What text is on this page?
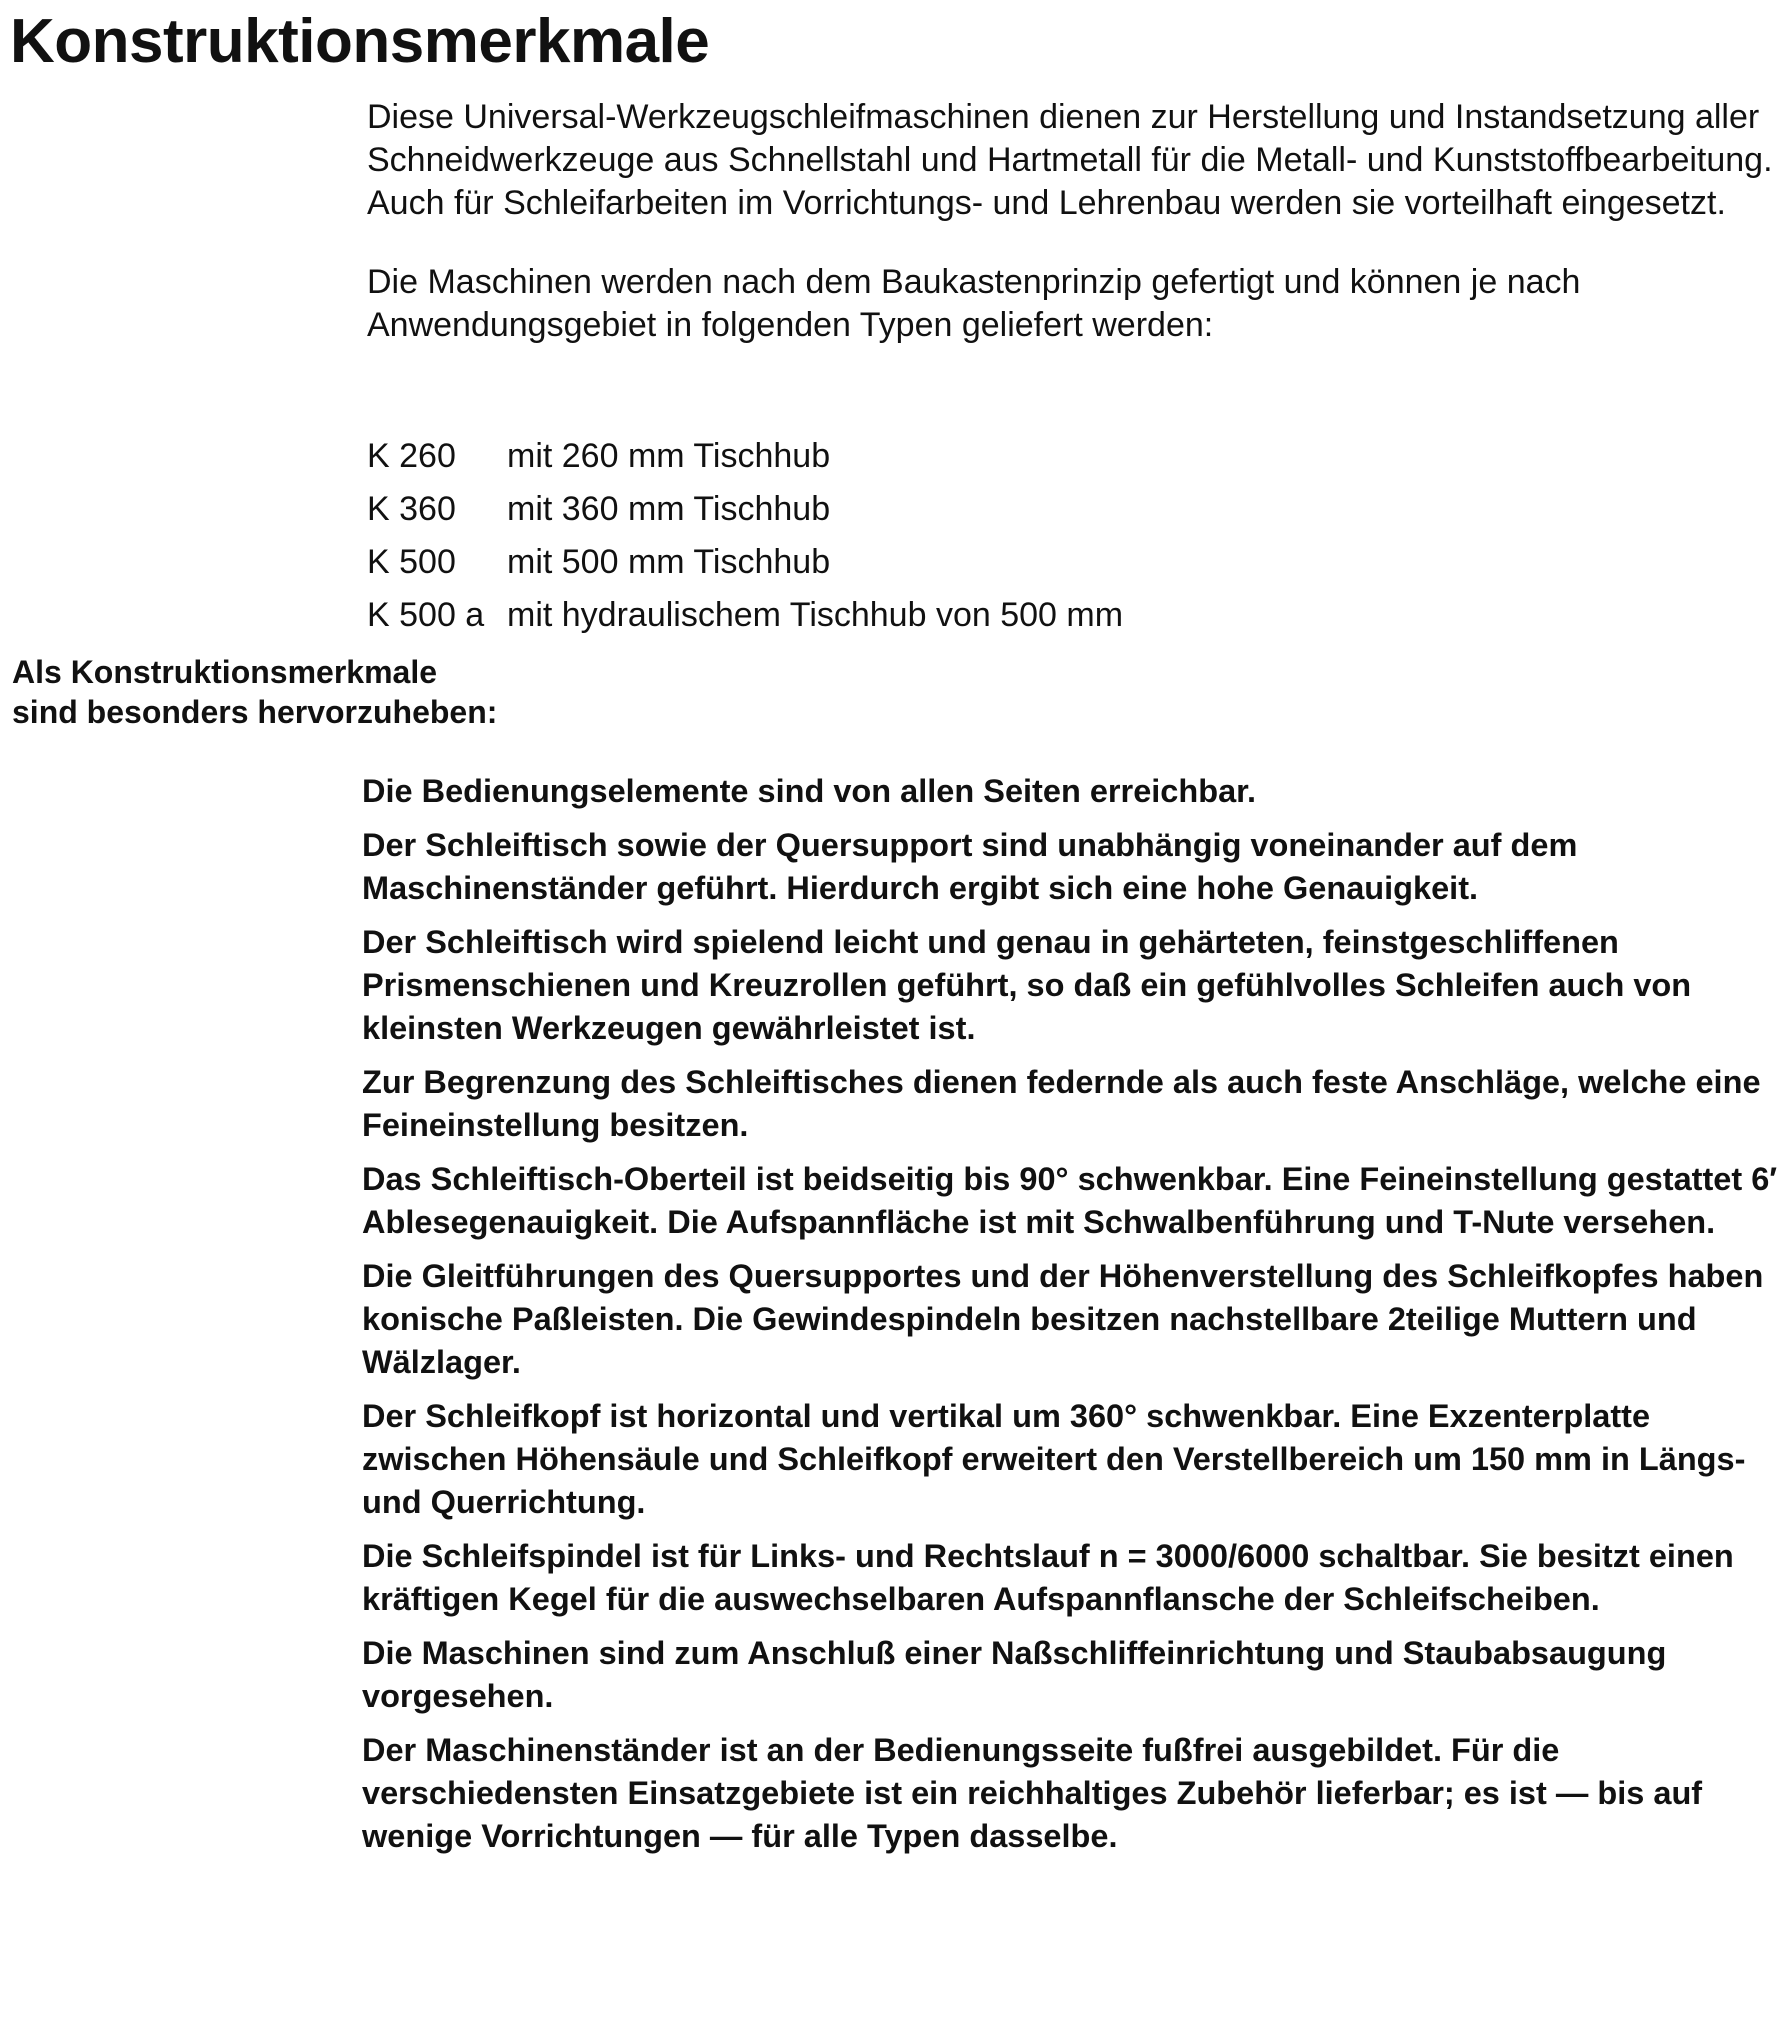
Konstruktionsmerkmale

Diese Universal-Werkzeugschleifmaschinen dienen zur Herstellung und Instandsetzung aller Schneidwerkzeuge aus Schnellstahl und Hartmetall für die Metall- und Kunststoffbearbeitung. Auch für Schleifarbeiten im Vorrichtungs- und Lehrenbau werden sie vorteilhaft eingesetzt.

Die Maschinen werden nach dem Baukastenprinzip gefertigt und können je nach Anwendungsgebiet in folgenden Typen geliefert werden:

K 260	mit 260 mm Tischhub
K 360	mit 360 mm Tischhub
K 500	mit 500 mm Tischhub
K 500 a mit hydraulischem Tischhub von 500 mm
Als Konstruktionsmerkmale
sind besonders hervorzuheben:

Die Bedienungselemente sind von allen Seiten erreichbar.

Der Schleiftisch sowie der Quersupport sind unabhängig voneinander auf dem Maschinenständer geführt. Hierdurch ergibt sich eine hohe Genauigkeit.

Der Schleiftisch wird spielend leicht und genau in gehärteten, feinstgeschliffenen Prismenschienen und Kreuzrollen geführt, so daß ein gefühlvolles Schleifen auch von kleinsten Werkzeugen gewährleistet ist.

Zur Begrenzung des Schleiftisches dienen federnde als auch feste Anschläge, welche eine Feineinstellung besitzen.

Das Schleiftisch-Oberteil ist beidseitig bis 90° schwenkbar. Eine Feineinstellung gestattet 6′ Ablesegenauigkeit. Die Aufspannfläche ist mit Schwalbenführung und T-Nute versehen.

Die Gleitführungen des Quersupportes und der Höhenverstellung des Schleifkopfes haben konische Paßleisten. Die Gewindespindeln besitzen nachstellbare 2teilige Muttern und Wälzlager.

Der Schleifkopf ist horizontal und vertikal um 360° schwenkbar. Eine Exzenterplatte zwischen Höhensäule und Schleifkopf erweitert den Verstellbereich um 150 mm in Längs- und Querrichtung.

Die Schleifspindel ist für Links- und Rechtslauf n = 3000/6000 schaltbar. Sie besitzt einen kräftigen Kegel für die auswechselbaren Aufspannflansche der Schleifscheiben.

Die Maschinen sind zum Anschluß einer Naßschliffeinrichtung und Staubabsaugung vorgesehen.

Der Maschinenständer ist an der Bedienungsseite fußfrei ausgebildet. Für die verschiedensten Einsatzgebiete ist ein reichhaltiges Zubehör lieferbar; es ist — bis auf wenige Vorrichtungen — für alle Typen dasselbe.
